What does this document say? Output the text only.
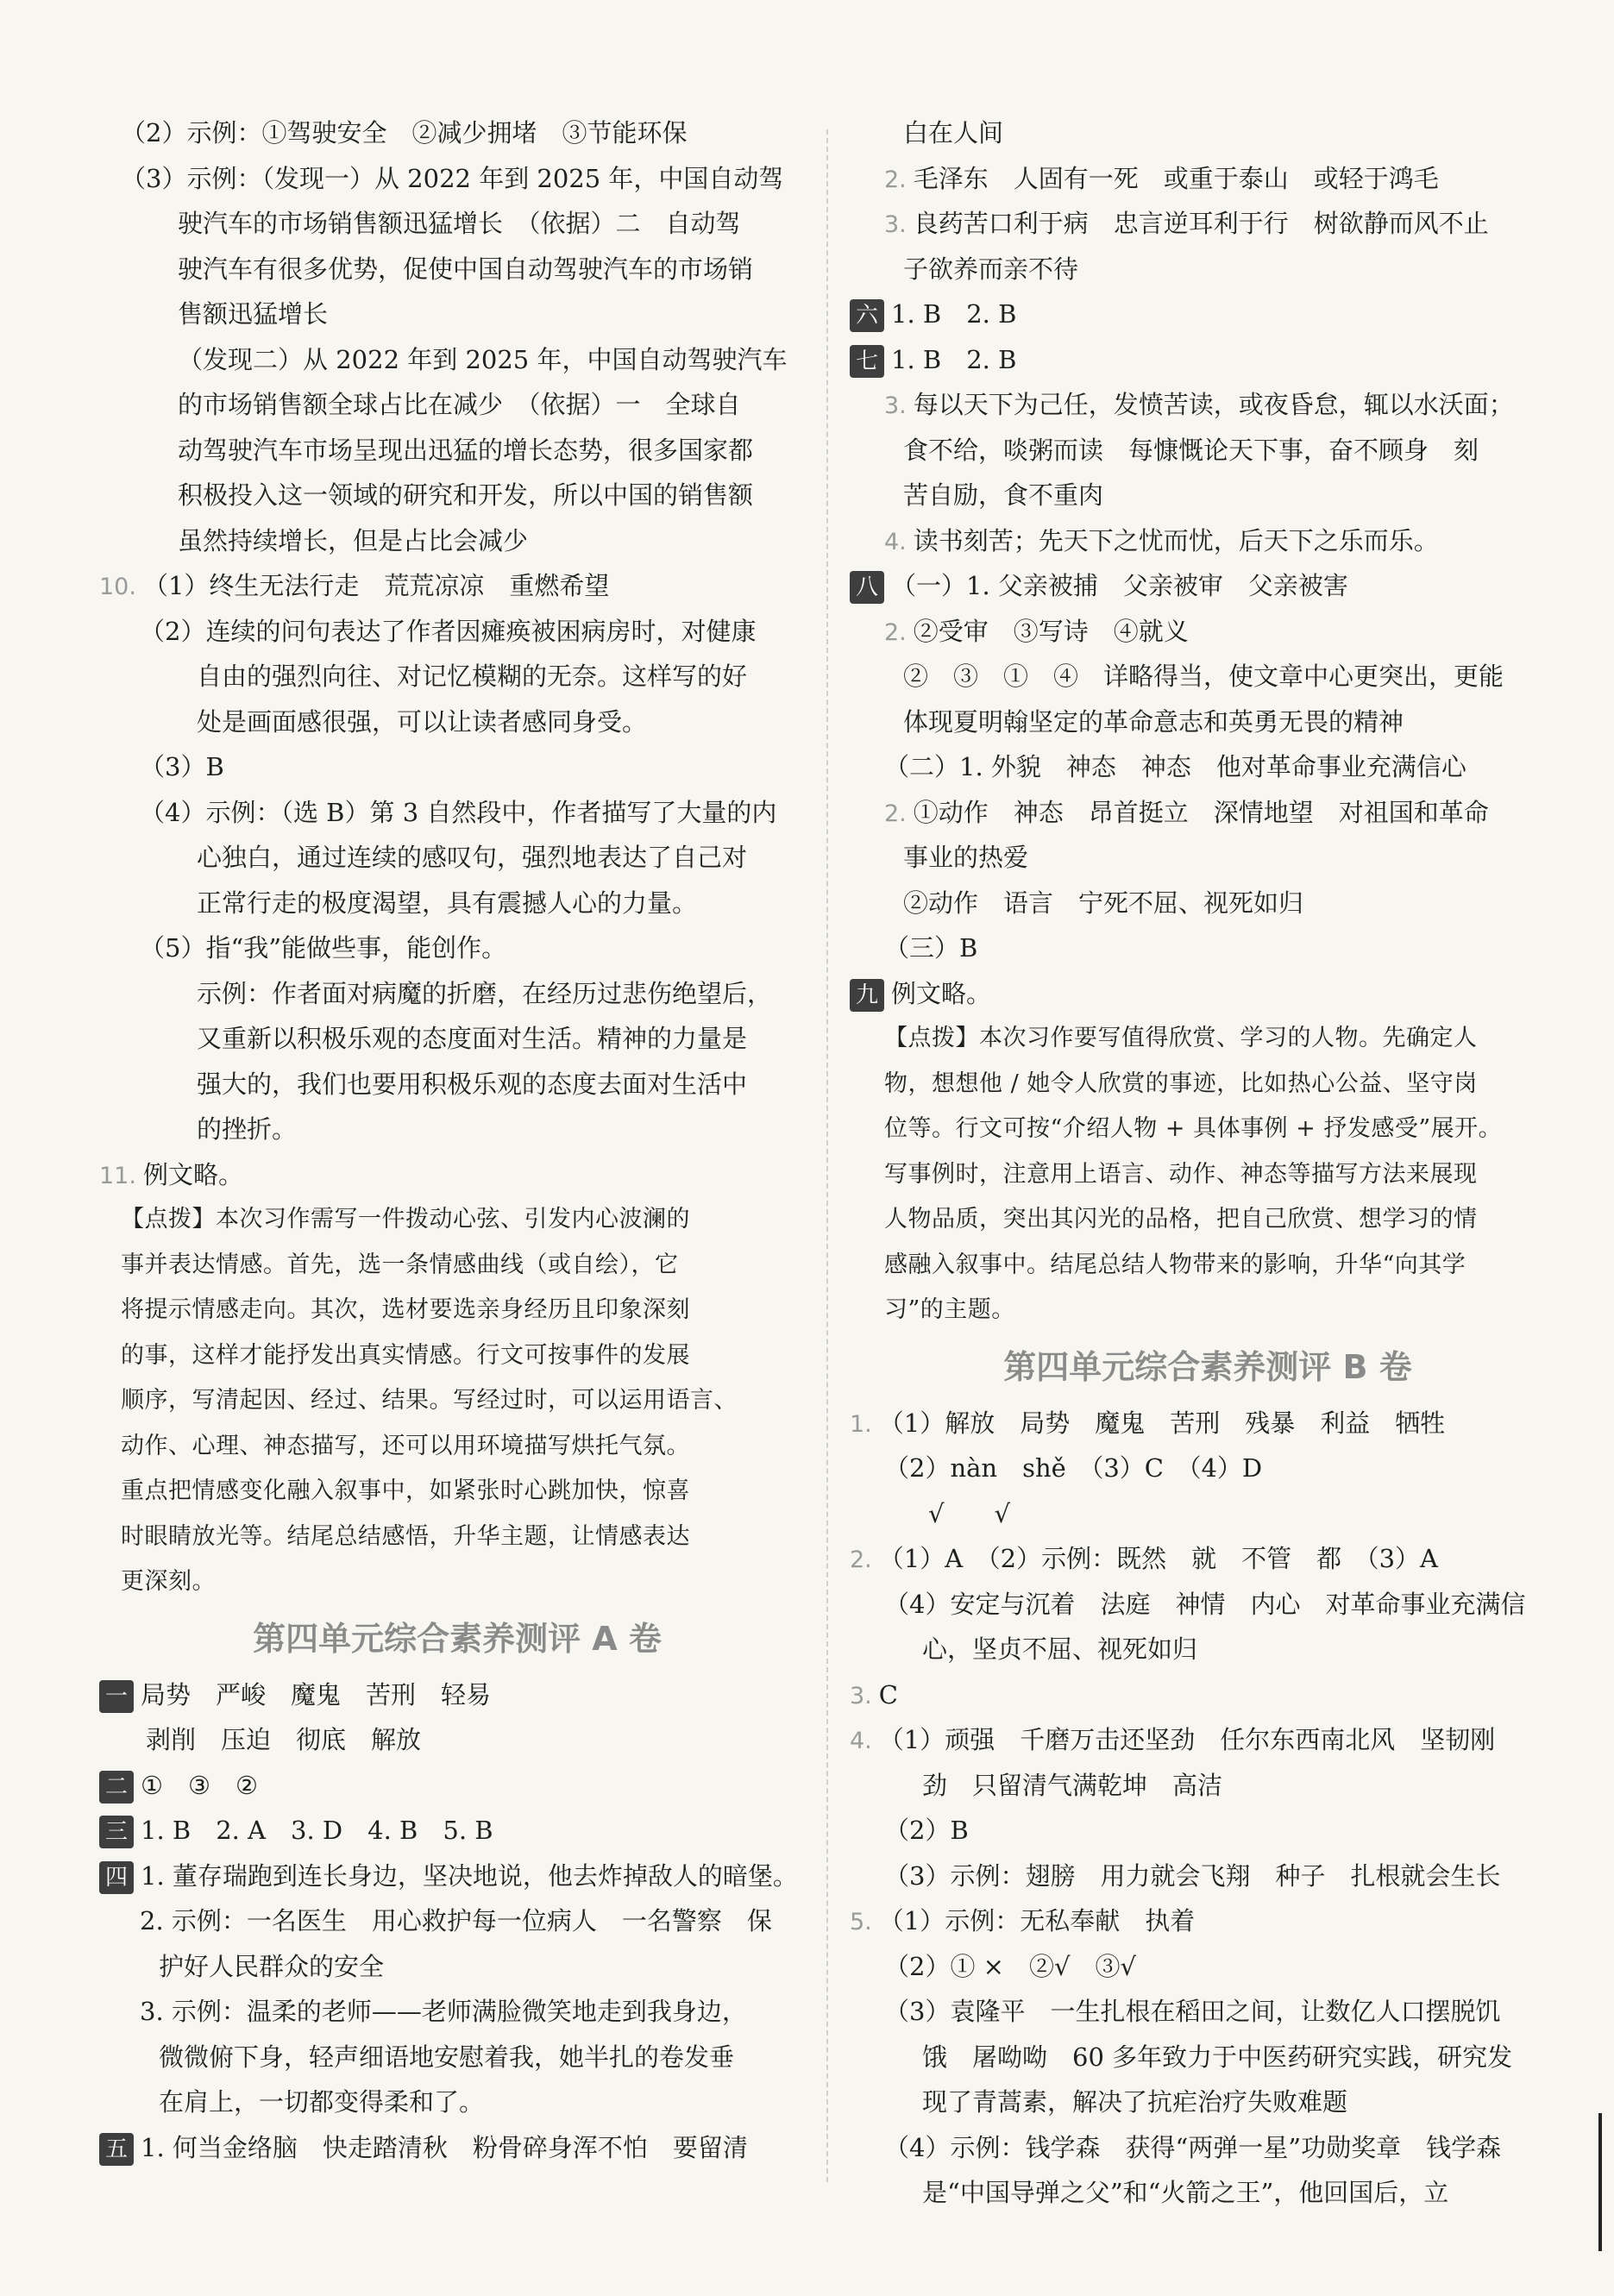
（2）示例：①驾驶安全　②减少拥堵　③节能环保
（3）示例：（发现一）从 2022 年到 2025 年，中国自动驾
驶汽车的市场销售额迅猛增长　（依据）二　自动驾
驶汽车有很多优势，促使中国自动驾驶汽车的市场销
售额迅猛增长
（发现二）从 2022 年到 2025 年，中国自动驾驶汽车
的市场销售额全球占比在减少　（依据）一　全球自
动驾驶汽车市场呈现出迅猛的增长态势，很多国家都
积极投入这一领域的研究和开发，所以中国的销售额
虽然持续增长，但是占比会减少
10. （1）终生无法行走　荒荒凉凉　重燃希望
（2）连续的问句表达了作者因瘫痪被困病房时，对健康
自由的强烈向往、对记忆模糊的无奈。这样写的好
处是画面感很强，可以让读者感同身受。
（3）B
（4）示例：（选 B）第 3 自然段中，作者描写了大量的内
心独白，通过连续的感叹句，强烈地表达了自己对
正常行走的极度渴望，具有震撼人心的力量。
（5）指“我”能做些事，能创作。
示例：作者面对病魔的折磨，在经历过悲伤绝望后，
又重新以积极乐观的态度面对生活。精神的力量是
强大的，我们也要用积极乐观的态度去面对生活中
的挫折。
11. 例文略。
【点拨】本次习作需写一件拨动心弦、引发内心波澜的
事并表达情感。首先，选一条情感曲线（或自绘），它
将提示情感走向。其次，选材要选亲身经历且印象深刻
的事，这样才能抒发出真实情感。行文可按事件的发展
顺序，写清起因、经过、结果。写经过时，可以运用语言、
动作、心理、神态描写，还可以用环境描写烘托气氛。
重点把情感变化融入叙事中，如紧张时心跳加快，惊喜
时眼睛放光等。结尾总结感悟，升华主题，让情感表达
更深刻。
第四单元综合素养测评 A 卷
一 局势　严峻　魔鬼　苦刑　轻易
　剥削　压迫　彻底　解放
二 ①　③　②
三 1. B　2. A　3. D　4. B　5. B
四 1. 董存瑞跑到连长身边，坚决地说，他去炸掉敌人的暗堡。
2. 示例：一名医生　用心救护每一位病人　一名警察　保
护好人民群众的安全
3. 示例：温柔的老师——老师满脸微笑地走到我身边，
微微俯下身，轻声细语地安慰着我，她半扎的卷发垂
在肩上，一切都变得柔和了。
五 1. 何当金络脑　快走踏清秋　粉骨碎身浑不怕　要留清
白在人间
2. 毛泽东　人固有一死　或重于泰山　或轻于鸿毛
3. 良药苦口利于病　忠言逆耳利于行　树欲静而风不止
子欲养而亲不待
六 1. B　2. B
七 1. B　2. B
3. 每以天下为己任，发愤苦读，或夜昏怠，辄以水沃面；
食不给，啖粥而读　每慷慨论天下事，奋不顾身　刻
苦自励，食不重肉
4. 读书刻苦；先天下之忧而忧，后天下之乐而乐。
八 （一）1. 父亲被捕　父亲被审　父亲被害
2. ②受审　③写诗　④就义
②　③　①　④　详略得当，使文章中心更突出，更能
体现夏明翰坚定的革命意志和英勇无畏的精神
（二）1. 外貌　神态　神态　他对革命事业充满信心
2. ①动作　神态　昂首挺立　深情地望　对祖国和革命
事业的热爱
②动作　语言　宁死不屈、视死如归
（三）B
九 例文略。
【点拨】本次习作要写值得欣赏、学习的人物。先确定人
物，想想他 / 她令人欣赏的事迹，比如热心公益、坚守岗
位等。行文可按“介绍人物 + 具体事例 + 抒发感受”展开。
写事例时，注意用上语言、动作、神态等描写方法来展现
人物品质，突出其闪光的品格，把自己欣赏、想学习的情
感融入叙事中。结尾总结人物带来的影响，升华“向其学
习”的主题。
第四单元综合素养测评 B 卷
1. （1）解放　局势　魔鬼　苦刑　残暴　利益　牺牲
（2）nàn　shě　（3）C　（4）D
　√　　√
2. （1）A　（2）示例：既然　就　不管　都　（3）A
（4）安定与沉着　法庭　神情　内心　对革命事业充满信
心，坚贞不屈、视死如归
3. C
4. （1）顽强　千磨万击还坚劲　任尔东西南北风　坚韧刚
劲　只留清气满乾坤　高洁
（2）B
（3）示例：翅膀　用力就会飞翔　种子　扎根就会生长
5. （1）示例：无私奉献　执着
（2）① ×　②√　③√
（3）袁隆平　一生扎根在稻田之间，让数亿人口摆脱饥
饿　屠呦呦　60 多年致力于中医药研究实践，研究发
现了青蒿素，解决了抗疟治疗失败难题
（4）示例：钱学森　获得“两弹一星”功勋奖章　钱学森
是“中国导弹之父”和“火箭之王”，他回国后，立
